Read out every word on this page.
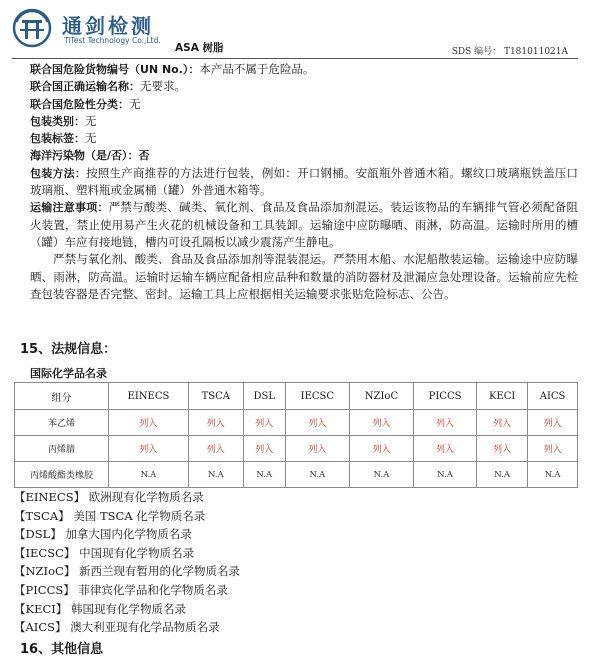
通剑检测
TiTest Technology Co.,Ltd.
ASA 树脂	SDS 编号： T181011021A
联合国危险货物编号（UN No.）：本产品不属于危险品。
联合国正确运输名称：无要求。
联合国危险性分类：无
包装类别：无
包装标签：无
海洋污染物（是/否）：否
包装方法：按照生产商推荐的方法进行包装，例如：开口钢桶。安瓿瓶外普通木箱。螺纹口玻璃瓶铁盖压口玻璃瓶、塑料瓶或金属桶（罐）外普通木箱等。
运输注意事项：严禁与酸类、碱类、氧化剂、食品及食品添加剂混运。装运该物品的车辆排气管必须配备阻火装置，禁止使用易产生火花的机械设备和工具装卸。运输途中应防曝晒、雨淋，防高温。运输时所用的槽（罐）车应有接地链，槽内可设孔隔板以减少震荡产生静电。
严禁与氧化剂、酸类、食品及食品添加剂等混装混运。严禁用木船、水泥船散装运输。运输途中应防曝晒、雨淋，防高温。运输时运输车辆应配备相应品种和数量的消防器材及泄漏应急处理设备。运输前应先检查包装容器是否完整、密封。运输工具上应根据相关运输要求张贴危险标志、公告。
15、法规信息：
国际化学品名录
组分	EINECS	TSCA	DSL	IECSC	NZIoC	PICCS	KECI	AICS
苯乙烯	列入	列入	列入	列入	列入	列入	列入	列入
丙烯腈	列入	列入	列入	列入	列入	列入	列入	列入
丙烯酸酯类橡胶	N.A	N.A	N.A	N.A	N.A	N.A	N.A	N.A
【EINECS】 欧洲现有化学物质名录
【TSCA】 美国 TSCA 化学物质名录
【DSL】 加拿大国内化学物质名录
【IECSC】 中国现有化学物质名录
【NZIoC】 新西兰现有暂用的化学物质名录
【PICCS】 菲律宾化学品和化学物质名录
【KECI】 韩国现有化学物质名录
【AICS】 澳大利亚现有化学品物质名录
16、其他信息
